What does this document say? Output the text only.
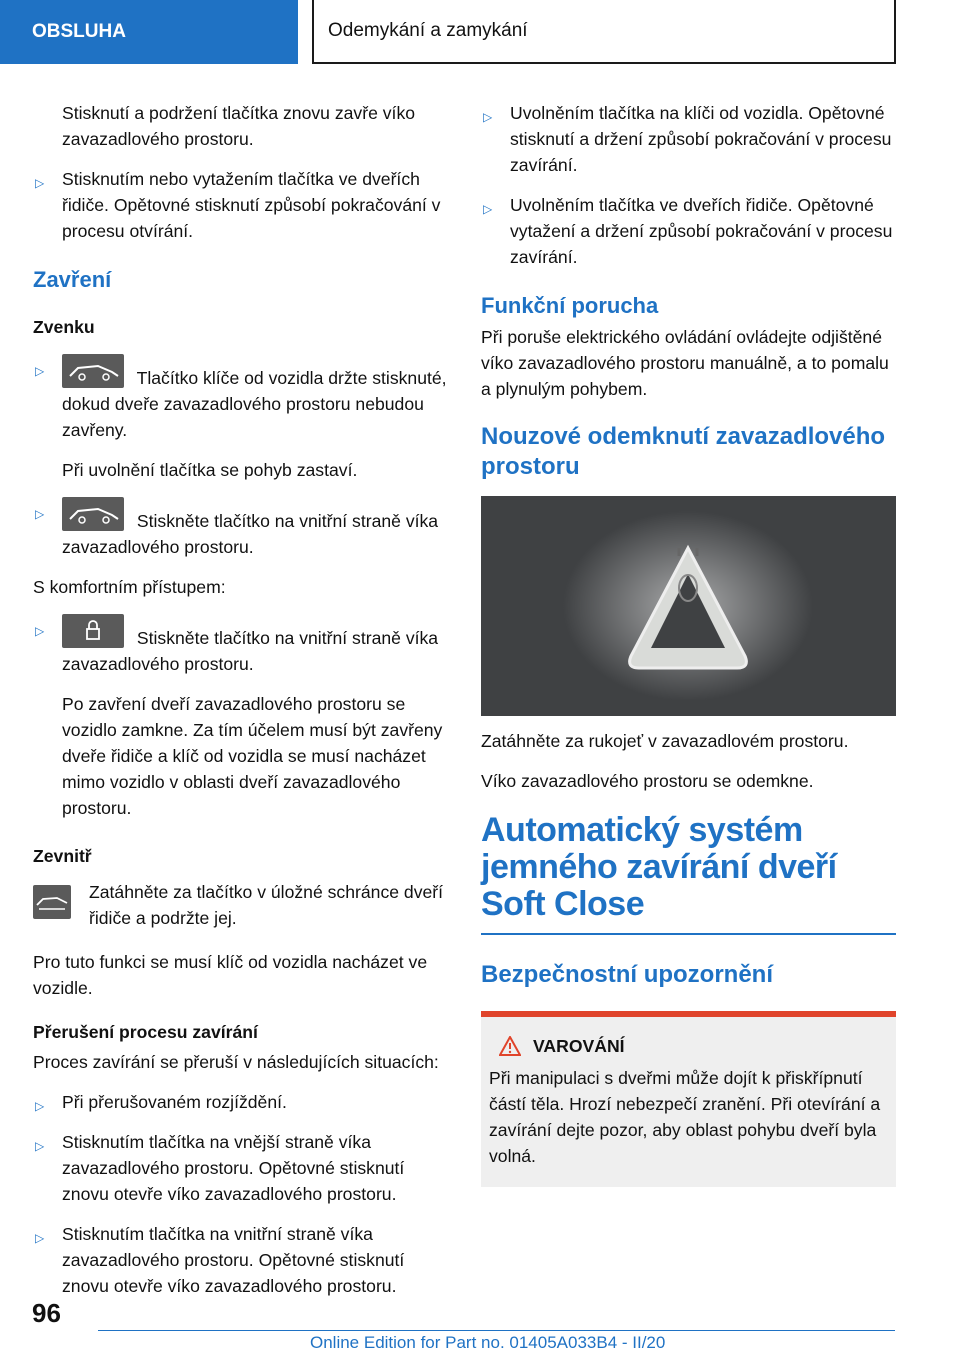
OBSLUHA	Odemykání a zamykání

Stisknutí a podržení tlačítka znovu zavře víko zavazadlového prostoru.

▷ Stisknutím nebo vytažením tlačítka ve dveřích řidiče. Opětovné stisknutí způsobí pokračování v procesu otvírání.
Zavření
Zvenku
▷	Tlačítko klíče od vozidla držte stisknuté, dokud dveře zavazadlového prostoru nebudou zavřeny.

Při uvolnění tlačítka se pohyb zastaví.

▷	Stiskněte tlačítko na vnitřní straně víka zavazadlového prostoru.

S komfortním přístupem:

▷	Stiskněte tlačítko na vnitřní straně víka zavazadlového prostoru.

Po zavření dveří zavazadlového prostoru se vozidlo zamkne. Za tím účelem musí být zavřeny dveře řidiče a klíč od vozidla se musí nacházet mimo vozidlo v oblasti dveří zavazadlového prostoru.

Zevnitř
Zatáhněte za tlačítko v úložné schránce dveří řidiče a podržte jej.

Pro tuto funkci se musí klíč od vozidla nacházet ve vozidle.

Přerušení procesu zavírání

Proces zavírání se přeruší v následujících situacích:

▷ Při přerušovaném rozjíždění.
▷ Stisknutím tlačítka na vnější straně víka zavazadlového prostoru. Opětovné stisknutí znovu otevře víko zavazadlového prostoru.
▷ Stisknutím tlačítka na vnitřní straně víka zavazadlového prostoru. Opětovné stisknutí znovu otevře víko zavazadlového prostoru.
▷ Uvolněním tlačítka na klíči od vozidla. Opětovné stisknutí a držení způsobí pokračování v procesu zavírání.
▷ Uvolněním tlačítka ve dveřích řidiče. Opětovné vytažení a držení způsobí pokračování v procesu zavírání.
Funkční porucha

Při poruše elektrického ovládání ovládejte odjištěné víko zavazadlového prostoru manuálně, a to pomalu a plynulým pohybem.

Nouzové odemknutí zavazadlového prostoru

Zatáhněte za rukojeť v zavazadlovém prostoru.

Víko zavazadlového prostoru se odemkne.

Automatický systém jemného zavírání dveří Soft Close
Bezpečnostní upozornění
VAROVÁNÍ
Při manipulaci s dveřmi může dojít k přiskřípnutí částí těla. Hrozí nebezpečí zranění. Při otevírání a zavírání dejte pozor, aby oblast pohybu dveří byla volná.
96
Online Edition for Part no. 01405A033B4 - II/20
